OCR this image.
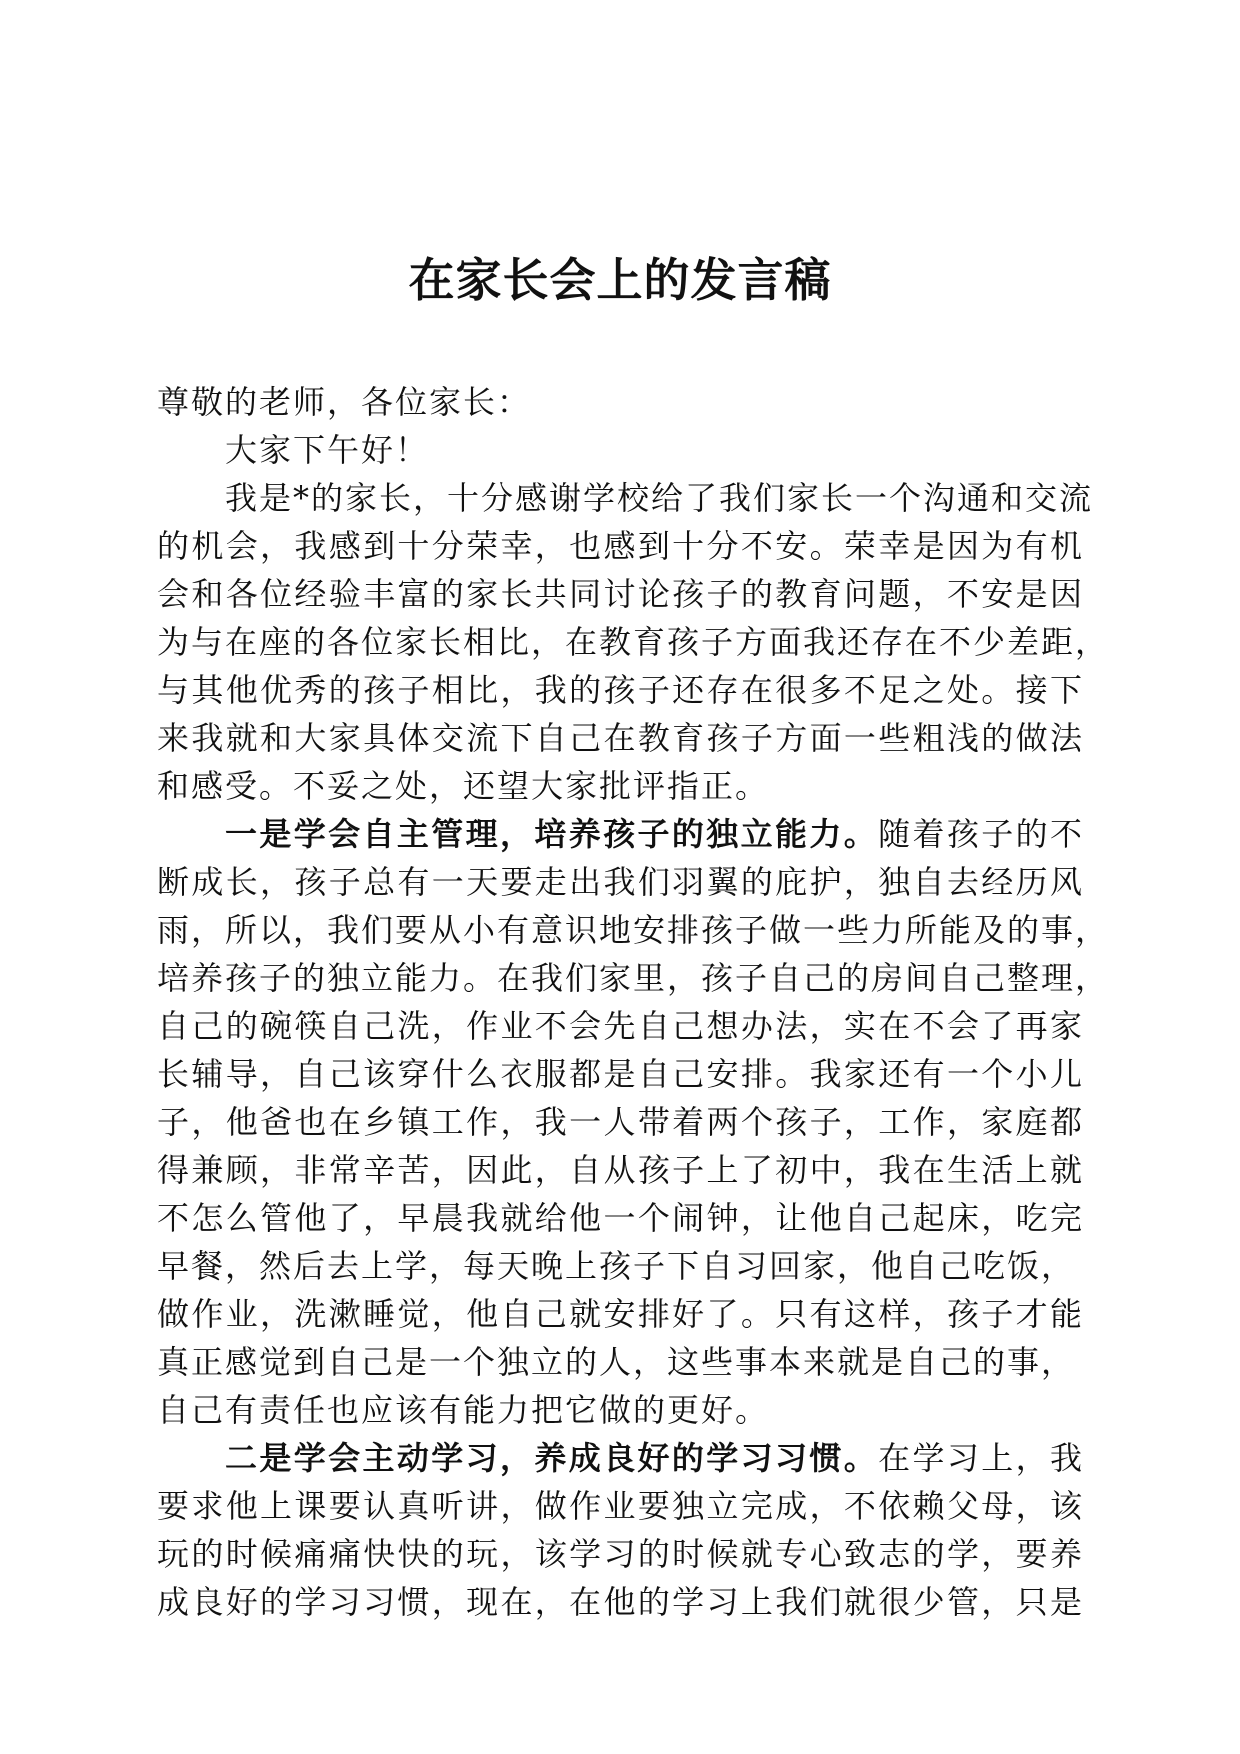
在家长会上的发言稿
尊敬的老师，各位家长：
大家下午好！
我是*的家长，十分感谢学校给了我们家长一个沟通和交流
的机会，我感到十分荣幸，也感到十分不安。荣幸是因为有机
会和各位经验丰富的家长共同讨论孩子的教育问题，不安是因
为与在座的各位家长相比，在教育孩子方面我还存在不少差距，
与其他优秀的孩子相比，我的孩子还存在很多不足之处。接下
来我就和大家具体交流下自己在教育孩子方面一些粗浅的做法
和感受。不妥之处，还望大家批评指正。
一是学会自主管理，培养孩子的独立能力。随着孩子的不
断成长，孩子总有一天要走出我们羽翼的庇护，独自去经历风
雨，所以，我们要从小有意识地安排孩子做一些力所能及的事，
培养孩子的独立能力。在我们家里，孩子自己的房间自己整理，
自己的碗筷自己洗，作业不会先自己想办法，实在不会了再家
长辅导，自己该穿什么衣服都是自己安排。我家还有一个小儿
子，他爸也在乡镇工作，我一人带着两个孩子，工作，家庭都
得兼顾，非常辛苦，因此，自从孩子上了初中，我在生活上就
不怎么管他了，早晨我就给他一个闹钟，让他自己起床，吃完
早餐，然后去上学，每天晚上孩子下自习回家，他自己吃饭，
做作业，洗漱睡觉，他自己就安排好了。只有这样，孩子才能
真正感觉到自己是一个独立的人，这些事本来就是自己的事，
自己有责任也应该有能力把它做的更好。
二是学会主动学习，养成良好的学习习惯。在学习上，我
要求他上课要认真听讲，做作业要独立完成，不依赖父母，该
玩的时候痛痛快快的玩，该学习的时候就专心致志的学，要养
成良好的学习习惯，现在，在他的学习上我们就很少管，只是
